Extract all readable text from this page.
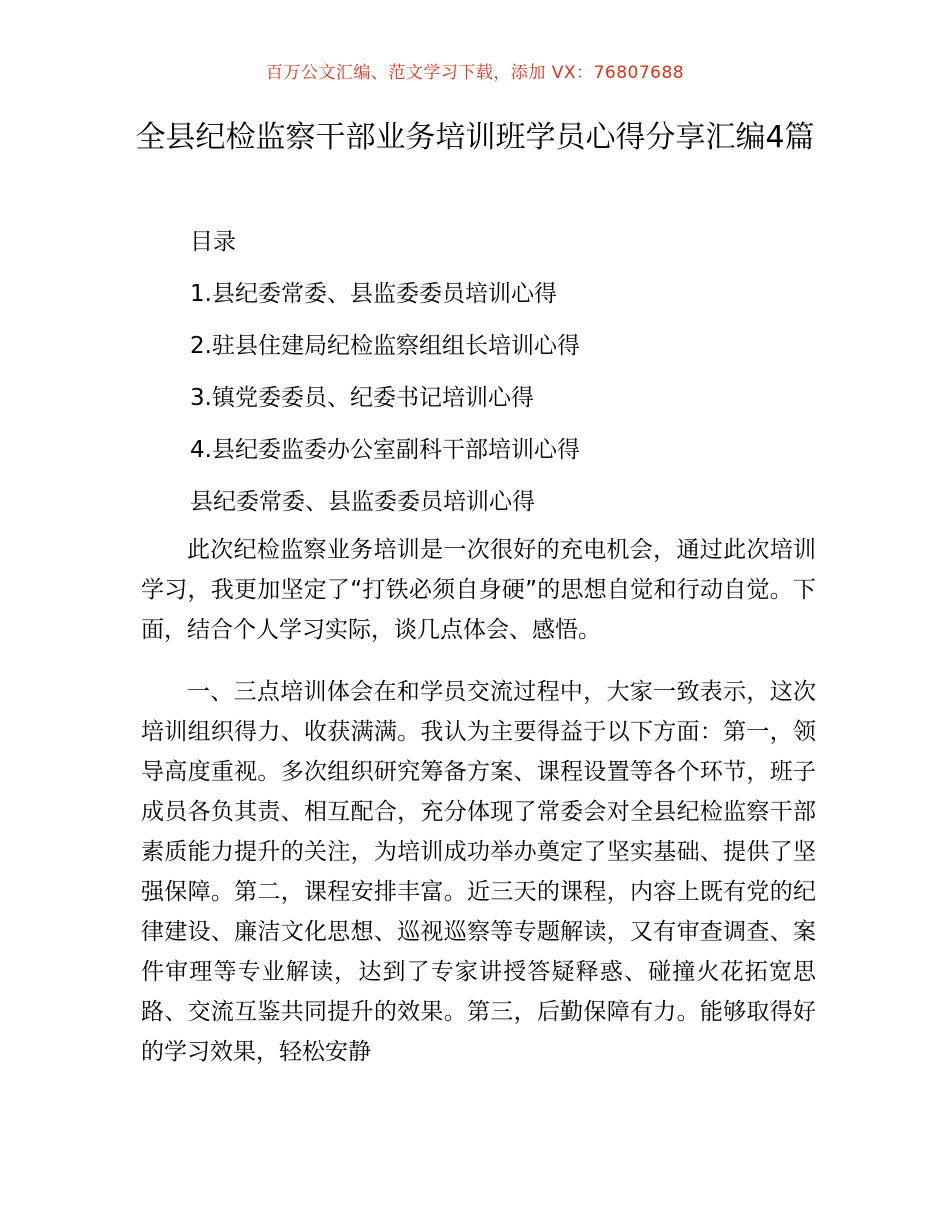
百万公文汇编、范文学习下载，添加 VX：76807688
全县纪检监察干部业务培训班学员心得分享汇编4篇
目录
1.县纪委常委、县监委委员培训心得
2.驻县住建局纪检监察组组长培训心得
3.镇党委委员、纪委书记培训心得
4.县纪委监委办公室副科干部培训心得
县纪委常委、县监委委员培训心得

此次纪检监察业务培训是一次很好的充电机会，通过此次培训学习，我更加坚定了“打铁必须自身硬”的思想自觉和行动自觉。下面，结合个人学习实际，谈几点体会、感悟。

一、三点培训体会在和学员交流过程中，大家一致表示，这次培训组织得力、收获满满。我认为主要得益于以下方面：第一，领导高度重视。多次组织研究筹备方案、课程设置等各个环节，班子成员各负其责、相互配合，充分体现了常委会对全县纪检监察干部素质能力提升的关注，为培训成功举办奠定了坚实基础、提供了坚强保障。第二，课程安排丰富。近三天的课程，内容上既有党的纪律建设、廉洁文化思想、巡视巡察等专题解读，又有审查调查、案件审理等专业解读，达到了专家讲授答疑释惑、碰撞火花拓宽思路、交流互鉴共同提升的效果。第三，后勤保障有力。能够取得好的学习效果，轻松安静
